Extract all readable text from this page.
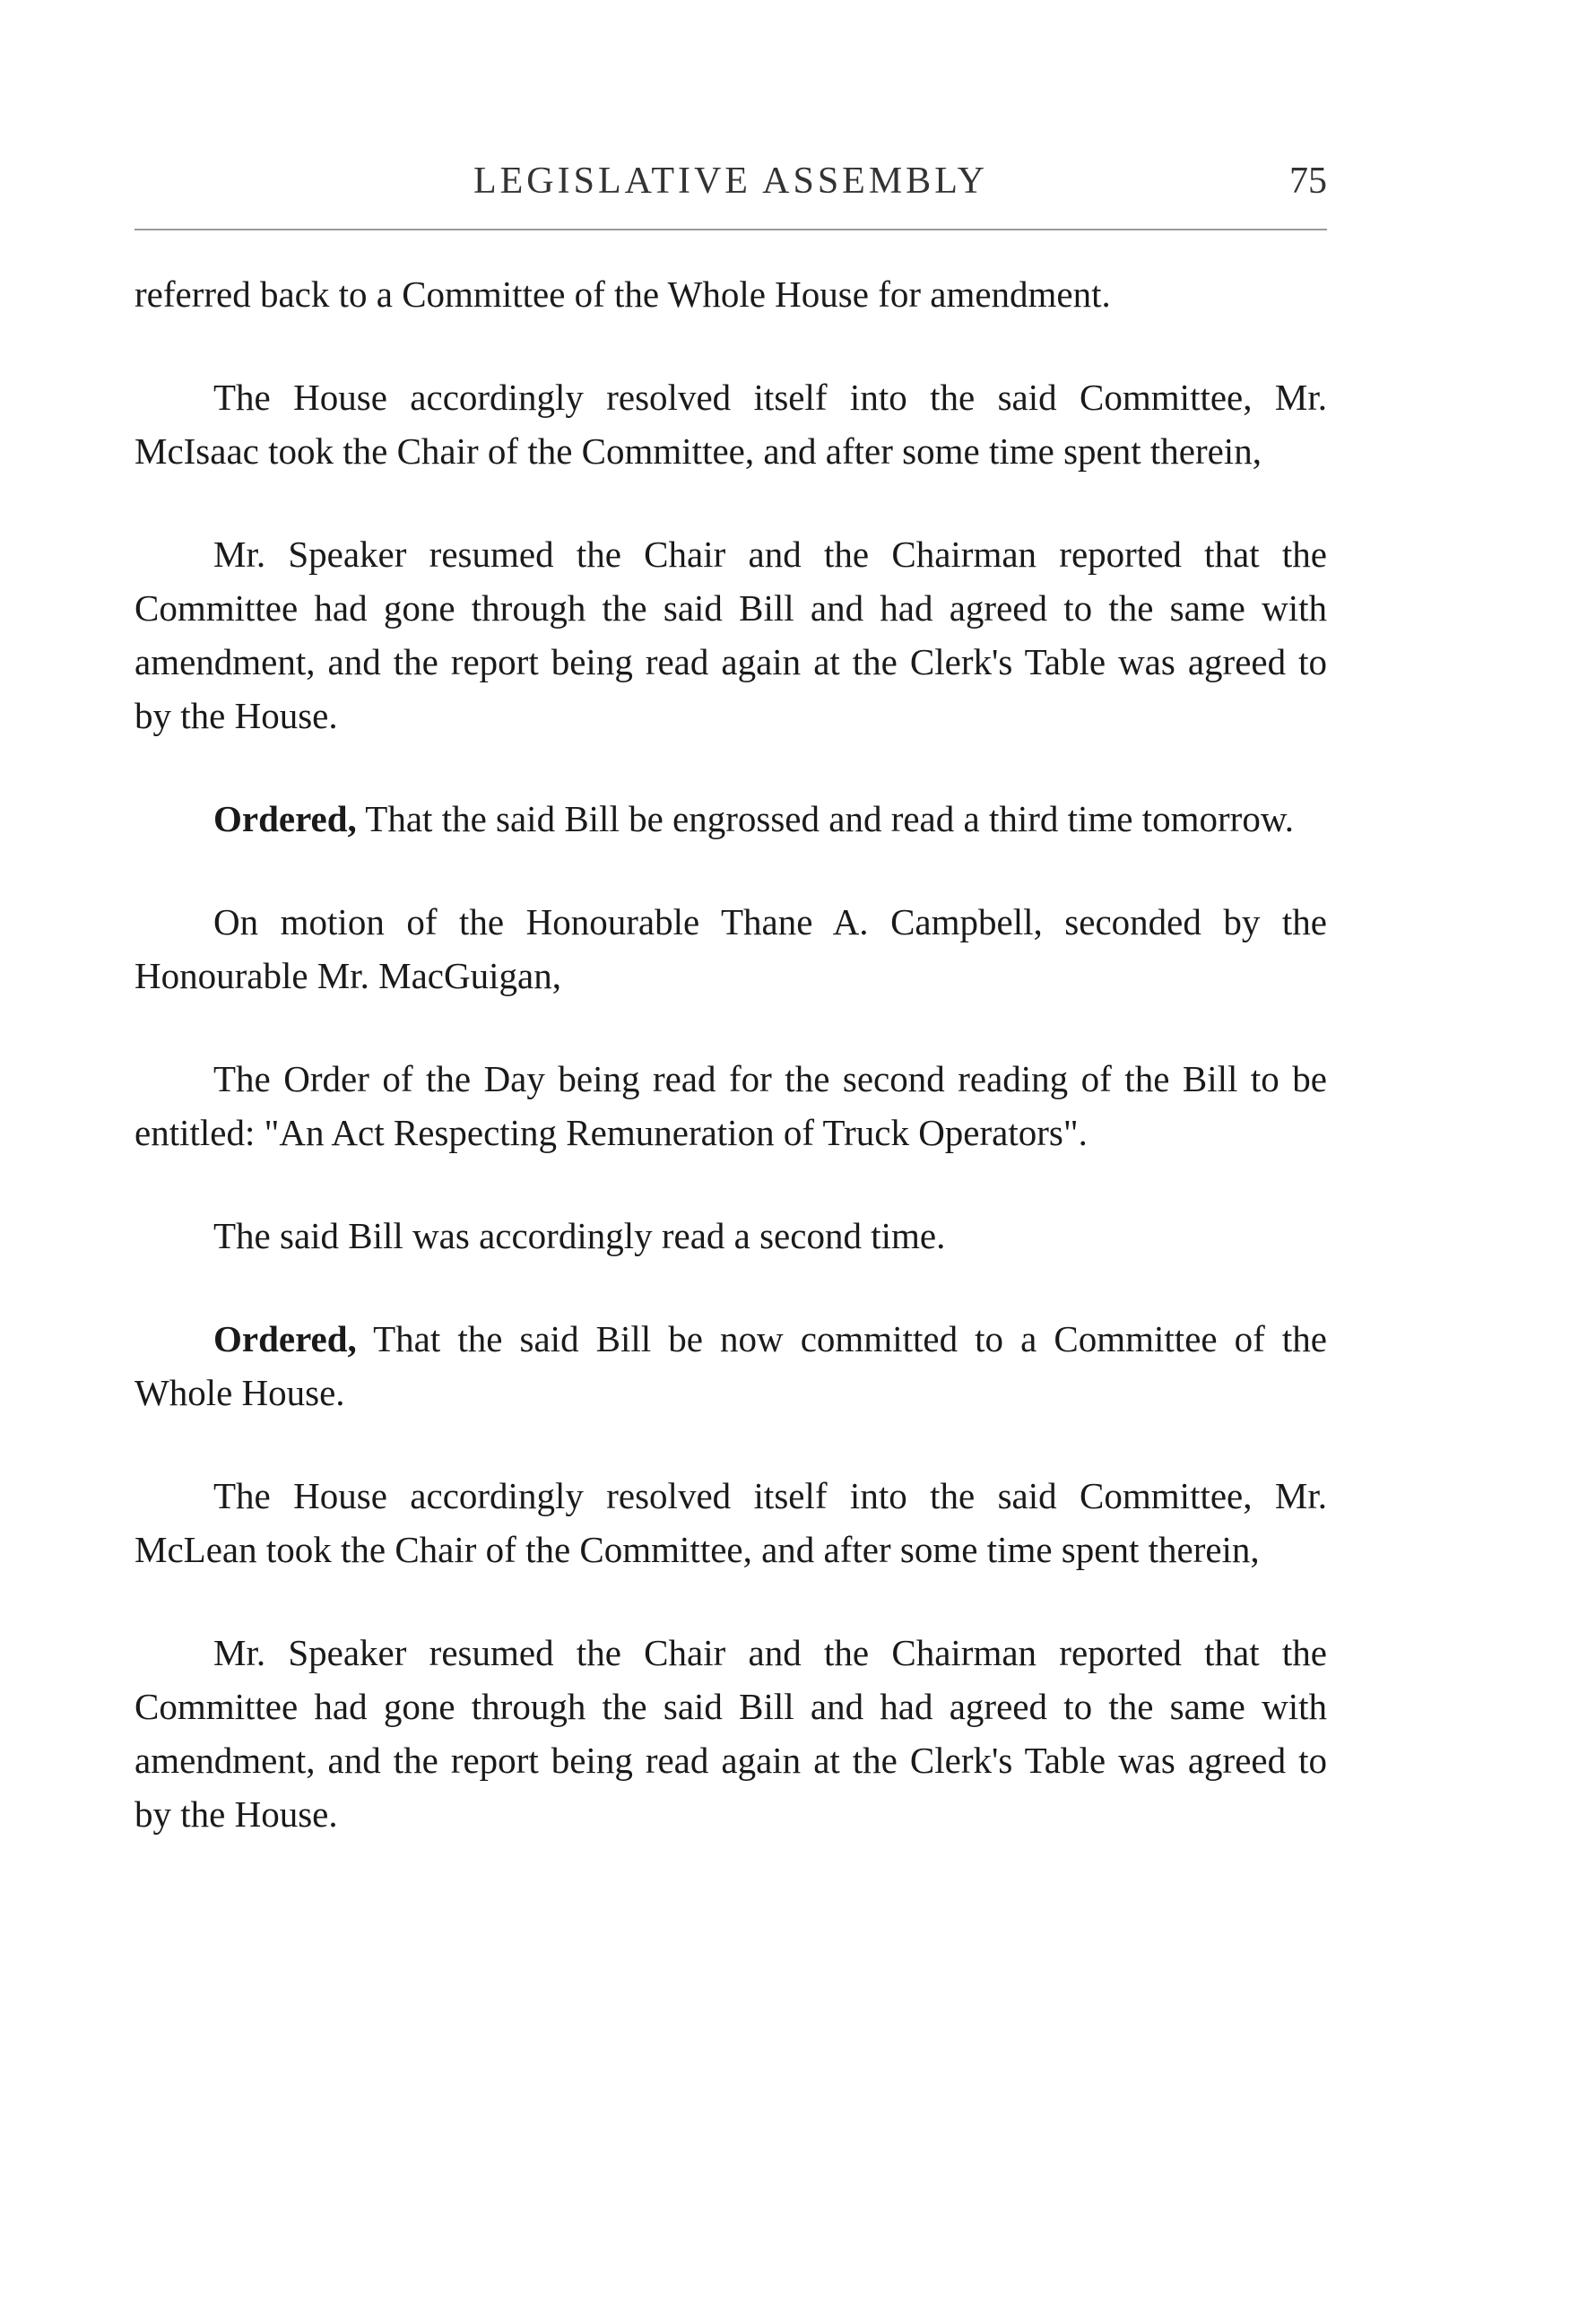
LEGISLATIVE ASSEMBLY	75

referred back to a Committee of the Whole House for amendment.

The House accordingly resolved itself into the said Committee, Mr. McIsaac took the Chair of the Committee, and after some time spent therein,

Mr. Speaker resumed the Chair and the Chairman reported that the Committee had gone through the said Bill and had agreed to the same with amendment, and the report being read again at the Clerk's Table was agreed to by the House.

Ordered, That the said Bill be engrossed and read a third time tomorrow.

On motion of the Honourable Thane A. Campbell, seconded by the Honourable Mr. MacGuigan,

The Order of the Day being read for the second reading of the Bill to be entitled: "An Act Respecting Remuneration of Truck Operators".

The said Bill was accordingly read a second time.

Ordered, That the said Bill be now committed to a Committee of the Whole House.

The House accordingly resolved itself into the said Committee, Mr. McLean took the Chair of the Committee, and after some time spent therein,

Mr. Speaker resumed the Chair and the Chairman reported that the Committee had gone through the said Bill and had agreed to the same with amendment, and the report being read again at the Clerk's Table was agreed to by the House.
